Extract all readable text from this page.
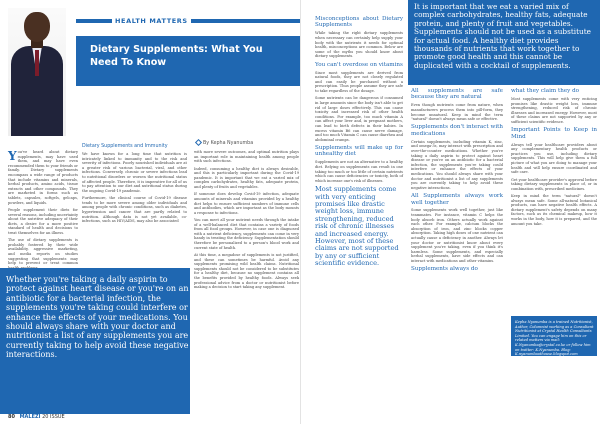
HEALTH MATTERS
Dietary Supplements: What You Need To Know
By Kepha Nyanumba

You've heard about dietary supplements, may have used them, and may have even recommended them to your friends or family. Dietary supplements encompass a wide range of products that include vitamins and minerals, herbal products, amino acids, tissue extracts and other compounds. They are marketed in forms such as tablets, capsules, softgels, gelcaps, powders, and liquids.

People supplement their diets for several reasons, including uncertainty about the nutritive adequacy of their diets, a desire for a more positive standard of health and decisions to treat themselves for an illness.

The use of dietary supplements is probably fostered by their wide availability, aggressive marketing, and media reports on studies suggesting that supplements may help to prevent or treat common

Dietary Supplements and Immunity

We have known for a long time that nutrition is intricately linked to immunity and to the risk and severity of infections. Poorly nourished individuals are at a greater risk of various bacterial, viral, and other infections. Conversely, chronic or severe infections lead to nutritional disorders or worsen the nutritional status of affected people. Therefore, it is imperative for all of us to pay attention to our diet and nutritional status during the ongoing Covid-19 pandemic.

Furthermore, the clinical course of Covid-19 disease tends to be more severe among older individuals and among people with chronic conditions, such as diabetes, hypertension and cancer that are partly related to nutrition. Although data is not yet available, co-infections, such as HIV/AIDS, may also be associated

with more severe outcomes, and optimal nutrition plays an important role in maintaining health among people with such infections.

Indeed, consuming a healthy diet is always desirable, and this is particularly important during the Covid-19 pandemic. It is important that we eat a varied mix of complex carbohydrates, healthy fats, adequate protein, and plenty of fruits and vegetables.

If someone does develop Covid-19 infection, adequate amounts of minerals and vitamins provided by a healthy diet helps to ensure sufficient numbers of immune cells and antibodies, which are important as the body mounts a response to infections.

You can meet all your nutrient needs through the intake of a well-balanced diet that contains a variety of foods from all food groups. However, in case one is diagnosed with a nutrient deficiency, supplements can come in very handy in treating the deficiency. Supplementation should therefore be personalized to a person's blood work and current state of health.

At this time, a megadose of supplements is not justified, and these can sometimes be harmful. Avoid any supplements promising wild health claims. Nutritional supplements should not be considered to be substitutes for a healthy diet, because no supplement contains all the benefits provided by healthy foods. Always seek professional advice from a doctor or nutritionist before making a decision to start taking any supplement.

Whether you're taking a daily aspirin to protect against heart disease or you're on an antibiotic for a bacterial infection, the supplements you're taking could interfere or enhance the effects of your medications. You should always share with your doctor and nutritionist a list of any supplements you are currently taking to help avoid these negative interactions.
80 MALEZI 20 ISSUE
Misconceptions about Dietary Supplements

While taking the right dietary supplements when necessary can certainly help supply your body with the nutrients it needs for optimal health, misconceptions are common. Below are some of the myths you should know about dietary supplements.

You can't overdose on vitamins

Since most supplements are derived from natural foods, they are not closely regulated and can easily be purchased without a prescription. Thus people assume they are safe to take regardless of the dosage.

Some nutrients can be dangerous if consumed in large amounts since the body isn't able to get rid of large doses effectively. This can cause toxicity and increased risk of other health conditions. For example, too much vitamin A can affect your liver and, in pregnant mothers, can lead to birth defects in their babies. In excess vitamin B6 can cause nerve damage, and too much Vitamin C can cause diarrhea and abdominal cramps.

Supplements will make up for unhealthy diet

Supplements are not an alternative to a healthy diet. Relying on supplements can result in one taking too much or too little of certain nutrients which can cause deficiencies or toxicity, both of which increase one's risk of illnesses.

Most supplements come with very enticing promises like drastic weight loss, immune strengthening, reduced risk of chronic illnesses and increased energy. However, most of these claims are not supported by any or sufficient scientific evidence.
It is important that we eat a varied mix of complex carbohydrates, healthy fats, adequate protein, and plenty of fruit and vegetables. Supplements should not be used as a substitute for actual food. A healthy diet provides thousands of nutrients that work together to promote good health and this cannot be duplicated with a cocktail of supplements.
All supplements are safe because they are natural

Even though nutrients come from nature, when manufacturers process them into pill-form, they become unnatural. Keep in mind the term "natural" doesn't always mean safe or effective.

Supplements don't interact with medications

Certain supplements, including vitamin K, zinc, and omega-3s, may interact with prescription and over-the-counter medications. Whether you're taking a daily aspirin to protect against heart disease or you're on an antibiotic for a bacterial infection, the supplements you're taking could interfere or enhance the effects of your medications. You should always share with your doctor and nutritionist a list of any supplements you are currently taking to help avoid these negative interactions.

All Supplements always work well together

Some supplements work well together, just like teammates. For instance, vitamin C helps the body absorb iron. Others actually work against each other. For example, calcium blocks the absorption of iron, and zinc blocks copper absorption. Taking high doses of one nutrient can actually cause a deficiency in another. Always let your doctor or nutritionist know about every supplement you're taking, even if you think it's harmless. Some supplements, and especially herbal supplements, have side effects and can interact with medications and other vitamins.

Supplements always do
what they claim they do

Most supplements come with very enticing promises like drastic weight loss, immune strengthening, reduced risk of chronic illnesses and increased energy. However, most of these claims are not supported by any or sufficient scientific evidence.

Important Points to Keep in Mind

Always tell your healthcare providers about any complementary health products or practices you use, including dietary supplements. This will help give them a full picture of what you are doing to manage your health and will help ensure coordinated and safe care.

Get your healthcare provider's approval before taking dietary supplements in place of, or in combination with, prescribed medicines.

Keep in mind the term "natural" doesn't always mean safe. Some all-natural botanical products, can have negative health effects. A dietary supplement's safety depends on many factors, such as its chemical makeup, how it works in the body, how it is prepared, and the amount you take.

Kepha Nyanumba is a trained Nutritionist, Author, Columnist working as a Consultant Nutritionist at Crystal Health Consultants Limited. You can engage him on this or related matters via mail: K.Nyanumba@crystal.co.ke or follow him on twitter: K.Nyanumba. Blog: K.nyanumbaathouse.blogspot.com
